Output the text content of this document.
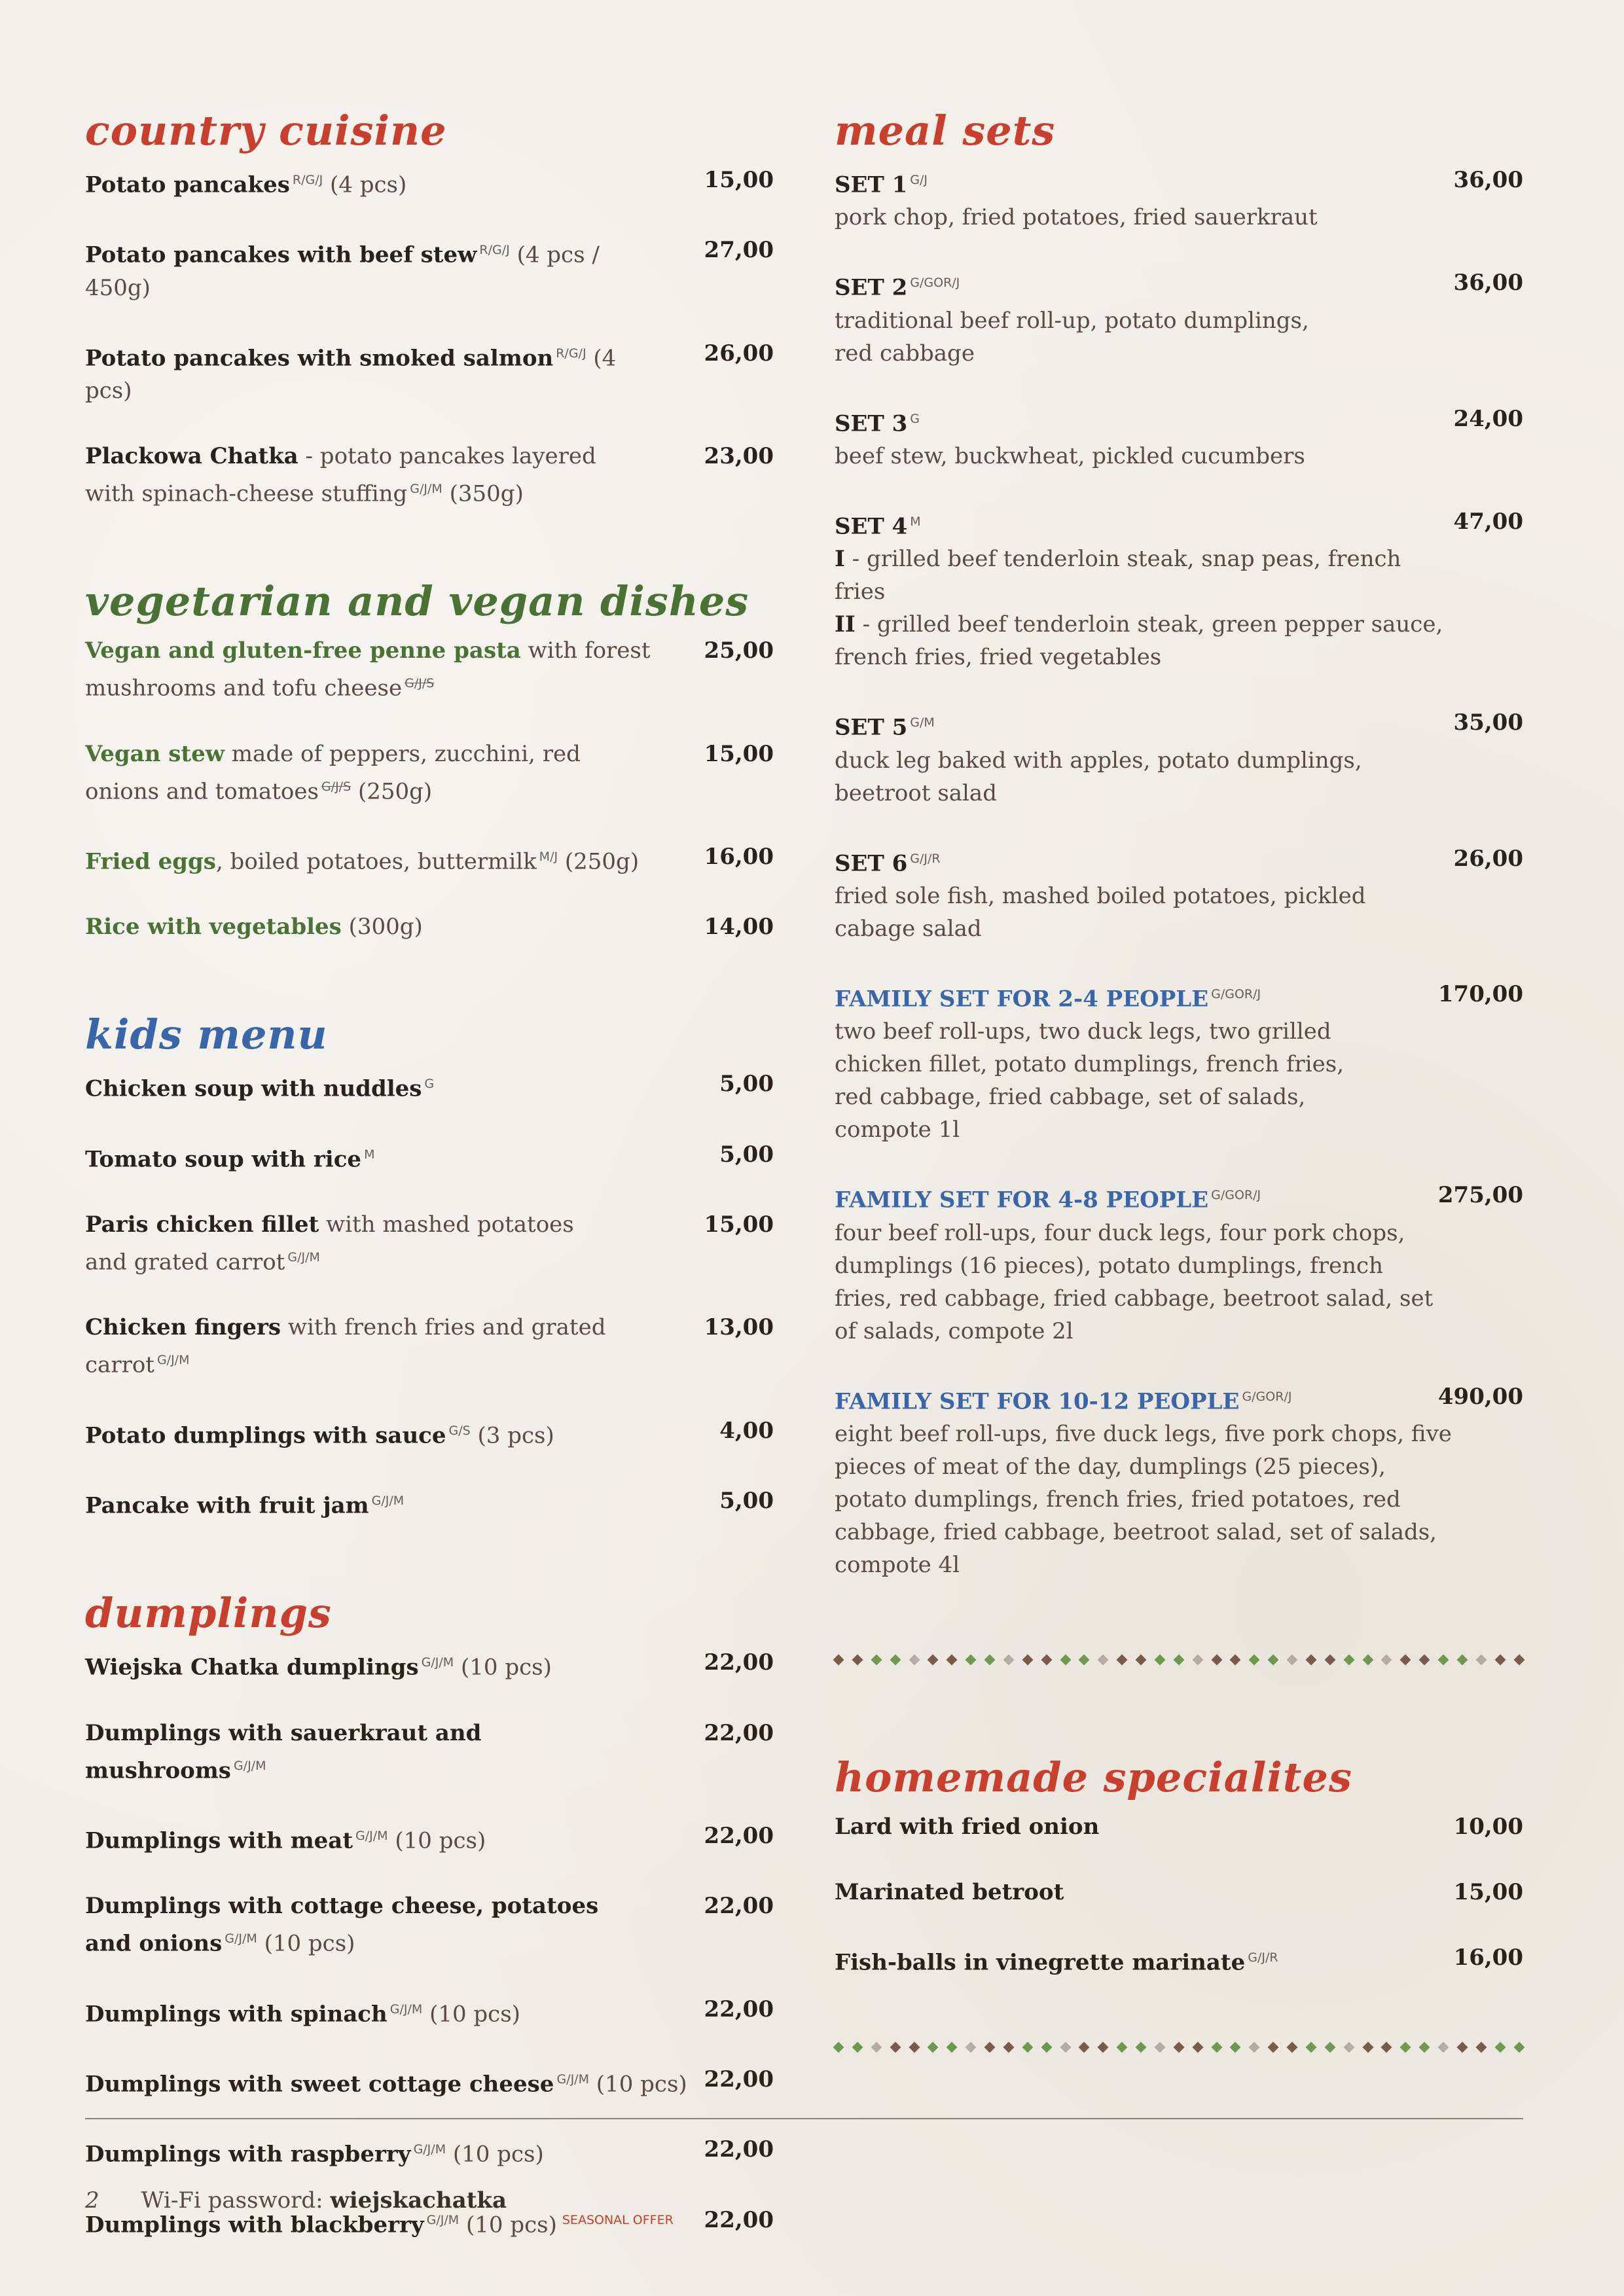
country cuisine
Potato pancakes $^{R/G/J}$ (4 pcs)	15,00
Potato pancakes with beef stew $^{R/G/J}$ (4 pcs / 450g)
27,00
Potato pancakes with smoked salmon $^{R/G/J}$ (4 pcs)
26,00
Plackowa Chatka - potato pancakes layered with spinach-cheese stuffing $^{G/J/M}$ (350g)
23,00
vegetarian and vegan dishes
Vegan and gluten-free penne pasta with forest mushrooms and tofu cheese $^{G/J/S}$
25,00
Vegan stew made of peppers, zucchini, red onions and tomatoes $^{G/J/S}$ (250g)
15,00
Fried eggs, boiled potatoes, buttermilk $^{M/J}$ (250g)	16,00
Rice with vegetables (300g)	14,00
kids menu
Chicken soup with nuddles $^G$	5,00
Tomato soup with rice $^M$	5,00
Paris chicken fillet with mashed potatoes and grated carrot $^{G/J/M}$
15,00
Chicken fingers with french fries and grated carrot $^{G/J/M}$
13,00
Potato dumplings with sauce $^{G/S}$ (3 pcs)	4,00
Pancake with fruit jam $^{G/J/M}$	5,00
dumplings
Wiejska Chatka dumplings $^{G/J/M}$ (10 pcs)	22,00
Dumplings with sauerkraut and mushrooms $^{G/J/M}$
22,00
Dumplings with meat $^{G/J/M}$ (10 pcs)	22,00
Dumplings with cottage cheese, potatoes and onions $^{G/J/M}$ (10 pcs)
22,00
Dumplings with spinach $^{G/J/M}$ (10 pcs)	22,00
Dumplings with sweet cottage cheese $^{G/J/M}$ (10 pcs) 22,00
Dumplings with raspberry $^{G/J/M}$ (10 pcs)	22,00
Dumplings with blackberry $^{G/J/M}$ (10 pcs) $^{SEASONAL OFFER}$	22,00
meal sets
SET 1 $^{G/J}$
pork chop, fried potatoes, fried sauerkraut
36,00
SET 2 $^{G/GOR/J}$
traditional beef roll-up, potato dumplings, red cabbage
36,00
SET 3 $^G$
beef stew, buckwheat, pickled cucumbers
24,00
SET 4 $^M$
I - grilled beef tenderloin steak, snap peas, french fries
II - grilled beef tenderloin steak, green pepper sauce, french fries, fried vegetables
47,00
SET 5 $^{G/M}$
duck leg baked with apples, potato dumplings, beetroot salad
35,00
SET 6 $^{G/J/R}$
fried sole fish, mashed boiled potatoes, pickled cabage salad
26,00
FAMILY SET FOR 2-4 PEOPLE $^{G/GOR/J}$
two beef roll-ups, two duck legs, two grilled chicken fillet, potato dumplings, french fries, red cabbage, fried cabbage, set of salads, compote 1l
170,00
FAMILY SET FOR 4-8 PEOPLE $^{G/GOR/J}$
four beef roll-ups, four duck legs, four pork chops, dumplings (16 pieces), potato dumplings, french fries, red cabbage, fried cabbage, beetroot salad, set of salads, compote 2l
275,00
FAMILY SET FOR 10-12 PEOPLE $^{G/GOR/J}$
eight beef roll-ups, five duck legs, five pork chops, five pieces of meat of the day, dumplings (25 pieces), potato dumplings, french fries, fried potatoes, red cabbage, fried cabbage, beetroot salad, set of salads, compote 4l
490,00
homemade specialites
Lard with fried onion	10,00
Marinated betroot	15,00
Fish-balls in vinegrette marinate $^{G/J/R}$	16,00
2 Wi-Fi password: wiejskachatka
